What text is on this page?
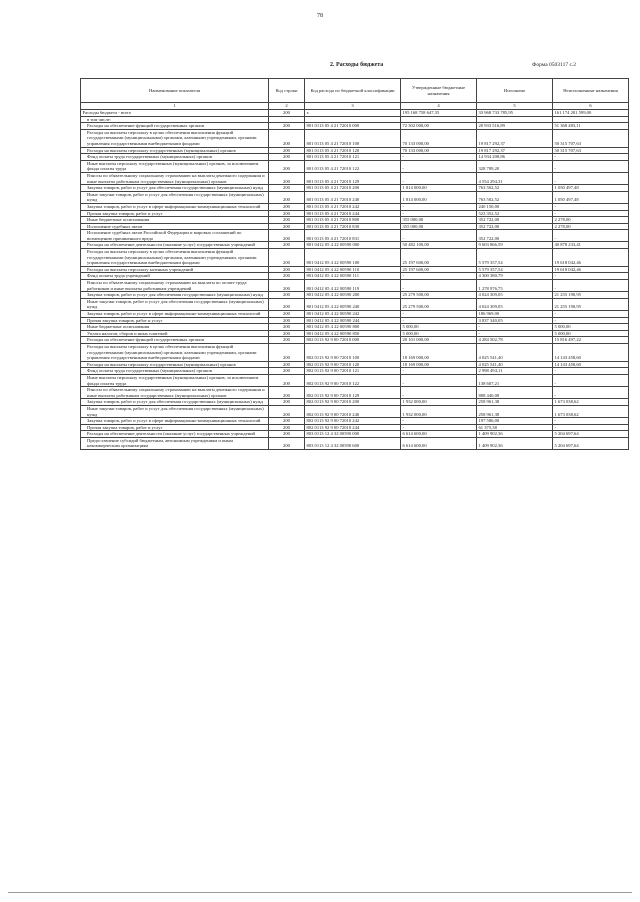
78
2. Расходы бюджета	Форма 0503117 с.2
Наименование показателя	Код строки	Код расхода по бюджетной классификации	Утвержденные бюджетные назначения	Исполнено	Неисполненные назначения
1	2	3	4	5	6
Расходы бюджета - всего	200	x	195 168 758 647,35	33 968 733 785,95	161 174 201 599,00
в том числе:					
Расходы на обеспечение функций государственных органов	200	801 0113 05 4 21 72010 000	72 302 000,00	20 933 516,89	51 368 483,11
Расходы на выплаты персоналу в целях обеспечения выполнения функций государственными (муниципальными) органами, казенными учреждениями, органами управления государственными внебюджетными фондами	200	801 0113 05 4 21 72010 100	70 133 000,00	19 817 292,37	50 315 707,63
Расходы на выплаты персоналу государственных (муниципальных) органов	200	801 0113 05 4 21 72010 120	70 133 000,00	19 817 292,37	50 315 707,63
Фонд оплаты труда государственных (муниципальных) органов	200	801 0113 05 4 21 72010 121	-	14 934 208,86	-
Иные выплаты персоналу государственных (муниципальных) органов, за исключением фонда оплаты труда	200	801 0113 05 4 21 72010 122	-	328 789,20	-
Взносы по обязательному социальному страхованию на выплаты денежного содержания и иные выплаты работникам государственных (муниципальных) органов	200	801 0113 05 4 21 72010 129	-	4 554 294,31	-
Закупка товаров, работ и услуг для обеспечения государственных (муниципальных) нужд	200	801 0113 05 4 21 72010 200	1 814 000,00	763 502,52	1 050 497,48
Иные закупки товаров, работ и услуг для обеспечения государственных (муниципальных) нужд	200	801 0113 05 4 21 72010 240	1 814 000,00	763 502,52	1 050 497,48
Закупка товаров, работ и услуг в сфере информационно-коммуникационных технологий	200	801 0113 05 4 21 72010 242	-	240 150,00	-
Прочая закупка товаров, работ и услуг	200	801 0113 05 4 21 72010 244	-	523 352,52	-
Иные бюджетные ассигнования	200	801 0113 05 4 21 72010 800	355 000,00	352 722,00	2 278,00
Исполнение судебных актов	200	801 0113 05 4 21 72010 830	355 000,00	352 722,00	2 278,00
Исполнение судебных актов Российской Федерации и мировых соглашений по возмещению причиненного вреда	200	801 0113 05 4 21 72010 831	-	352 722,00	-
Расходы на обеспечение деятельности (оказание услуг) государственных учреждений	200	801 0412 05 4 22 00590 000	50 482 100,00	9 603 866,59	40 878 233,41
Расходы на выплаты персоналу в целях обеспечения выполнения функций государственными (муниципальными) органами, казенными учреждениями, органами управления государственными внебюджетными фондами	200	801 0412 05 4 22 00590 100	25 197 600,00	5 579 357,54	19 618 042,46
Расходы на выплаты персоналу казенных учреждений	200	801 0412 05 4 22 00590 110	25 197 600,00	5 579 357,54	19 618 042,46
Фонд оплаты труда учреждений	200	801 0412 05 4 22 00590 111	-	4 300 380,79	-
Взносы по обязательному социальному страхованию на выплаты по оплате труда работников и иные выплаты работникам учреждений	200	801 0412 05 4 22 00590 119	-	1 278 976,75	-
Закупка товаров, работ и услуг для обеспечения государственных (муниципальных) нужд	200	801 0412 05 4 22 00590 200	25 279 500,00	4 024 309,05	21 255 190,95
Иные закупки товаров, работ и услуг для обеспечения государственных (муниципальных) нужд	200	801 0412 05 4 22 00590 240	25 279 500,00	4 024 309,05	21 255 190,95
Закупка товаров, работ и услуг в сфере информационно-коммуникационных технологий	200	801 0412 05 4 22 00590 242	-	186 969,00	-
Прочая закупка товаров, работ и услуг	200	801 0412 05 4 22 00590 244	-	3 837 340,05	-
Иные бюджетные ассигнования	200	801 0412 05 4 22 00590 800	5 000,00	-	5 000,00
Уплата налогов, сборов и иных платежей	200	801 0412 05 4 22 00590 850	5 000,00	-	5 000,00
Расходы на обеспечение функций государственных органов	200	802 0113 92 9 00 72010 000	20 101 000,00	4 284 502,78	15 816 497,22
Расходы на выплаты персоналу в целях обеспечения выполнения функций государственными (муниципальными) органами, казенными учреждениями, органами управления государственными внебюджетными фондами	200	802 0113 92 9 00 72010 100	18 169 000,00	4 025 541,40	14 143 458,60
Расходы на выплаты персоналу государственных (муниципальных) органов	200	802 0113 92 9 00 72010 120	18 169 000,00	4 025 541,40	14 143 458,60
Фонд оплаты труда государственных (муниципальных) органов	200	802 0113 92 9 00 72010 121	-	2 998 494,11	-
Иные выплаты персоналу государственных (муниципальных) органов, за исключением фонда оплаты труда	200	802 0113 92 9 00 72010 122	-	138 607,21	-
Взносы по обязательному социальному страхованию на выплаты денежного содержания и иные выплаты работникам государственных (муниципальных) органов	200	802 0113 92 9 00 72010 129	-	888 440,08	-
Закупка товаров, работ и услуг для обеспечения государственных (муниципальных) нужд	200	802 0113 92 9 00 72010 200	1 932 000,00	258 961,38	1 673 038,62
Иные закупки товаров, работ и услуг для обеспечения государственных (муниципальных) нужд	200	802 0113 92 9 00 72010 240	1 932 000,00	258 961,38	1 673 038,62
Закупка товаров, работ и услуг в сфере информационно-коммуникационных технологий	200	802 0113 92 9 00 72010 242	-	197 586,00	-
Прочая закупка товаров, работ и услуг	200	802 0113 92 9 00 72010 244	-	61 375,38	-
Расходы на обеспечение деятельности (оказание услуг) государственных учреждений	200	803 0113 12 4 32 00590 000	6 614 600,00	1 409 902,36	5 204 697,64
Предоставление субсидий бюджетным, автономным учреждениям и иным некоммерческим организациям	200	803 0113 12 4 32 00590 600	6 614 600,00	1 409 902,36	5 204 697,64
